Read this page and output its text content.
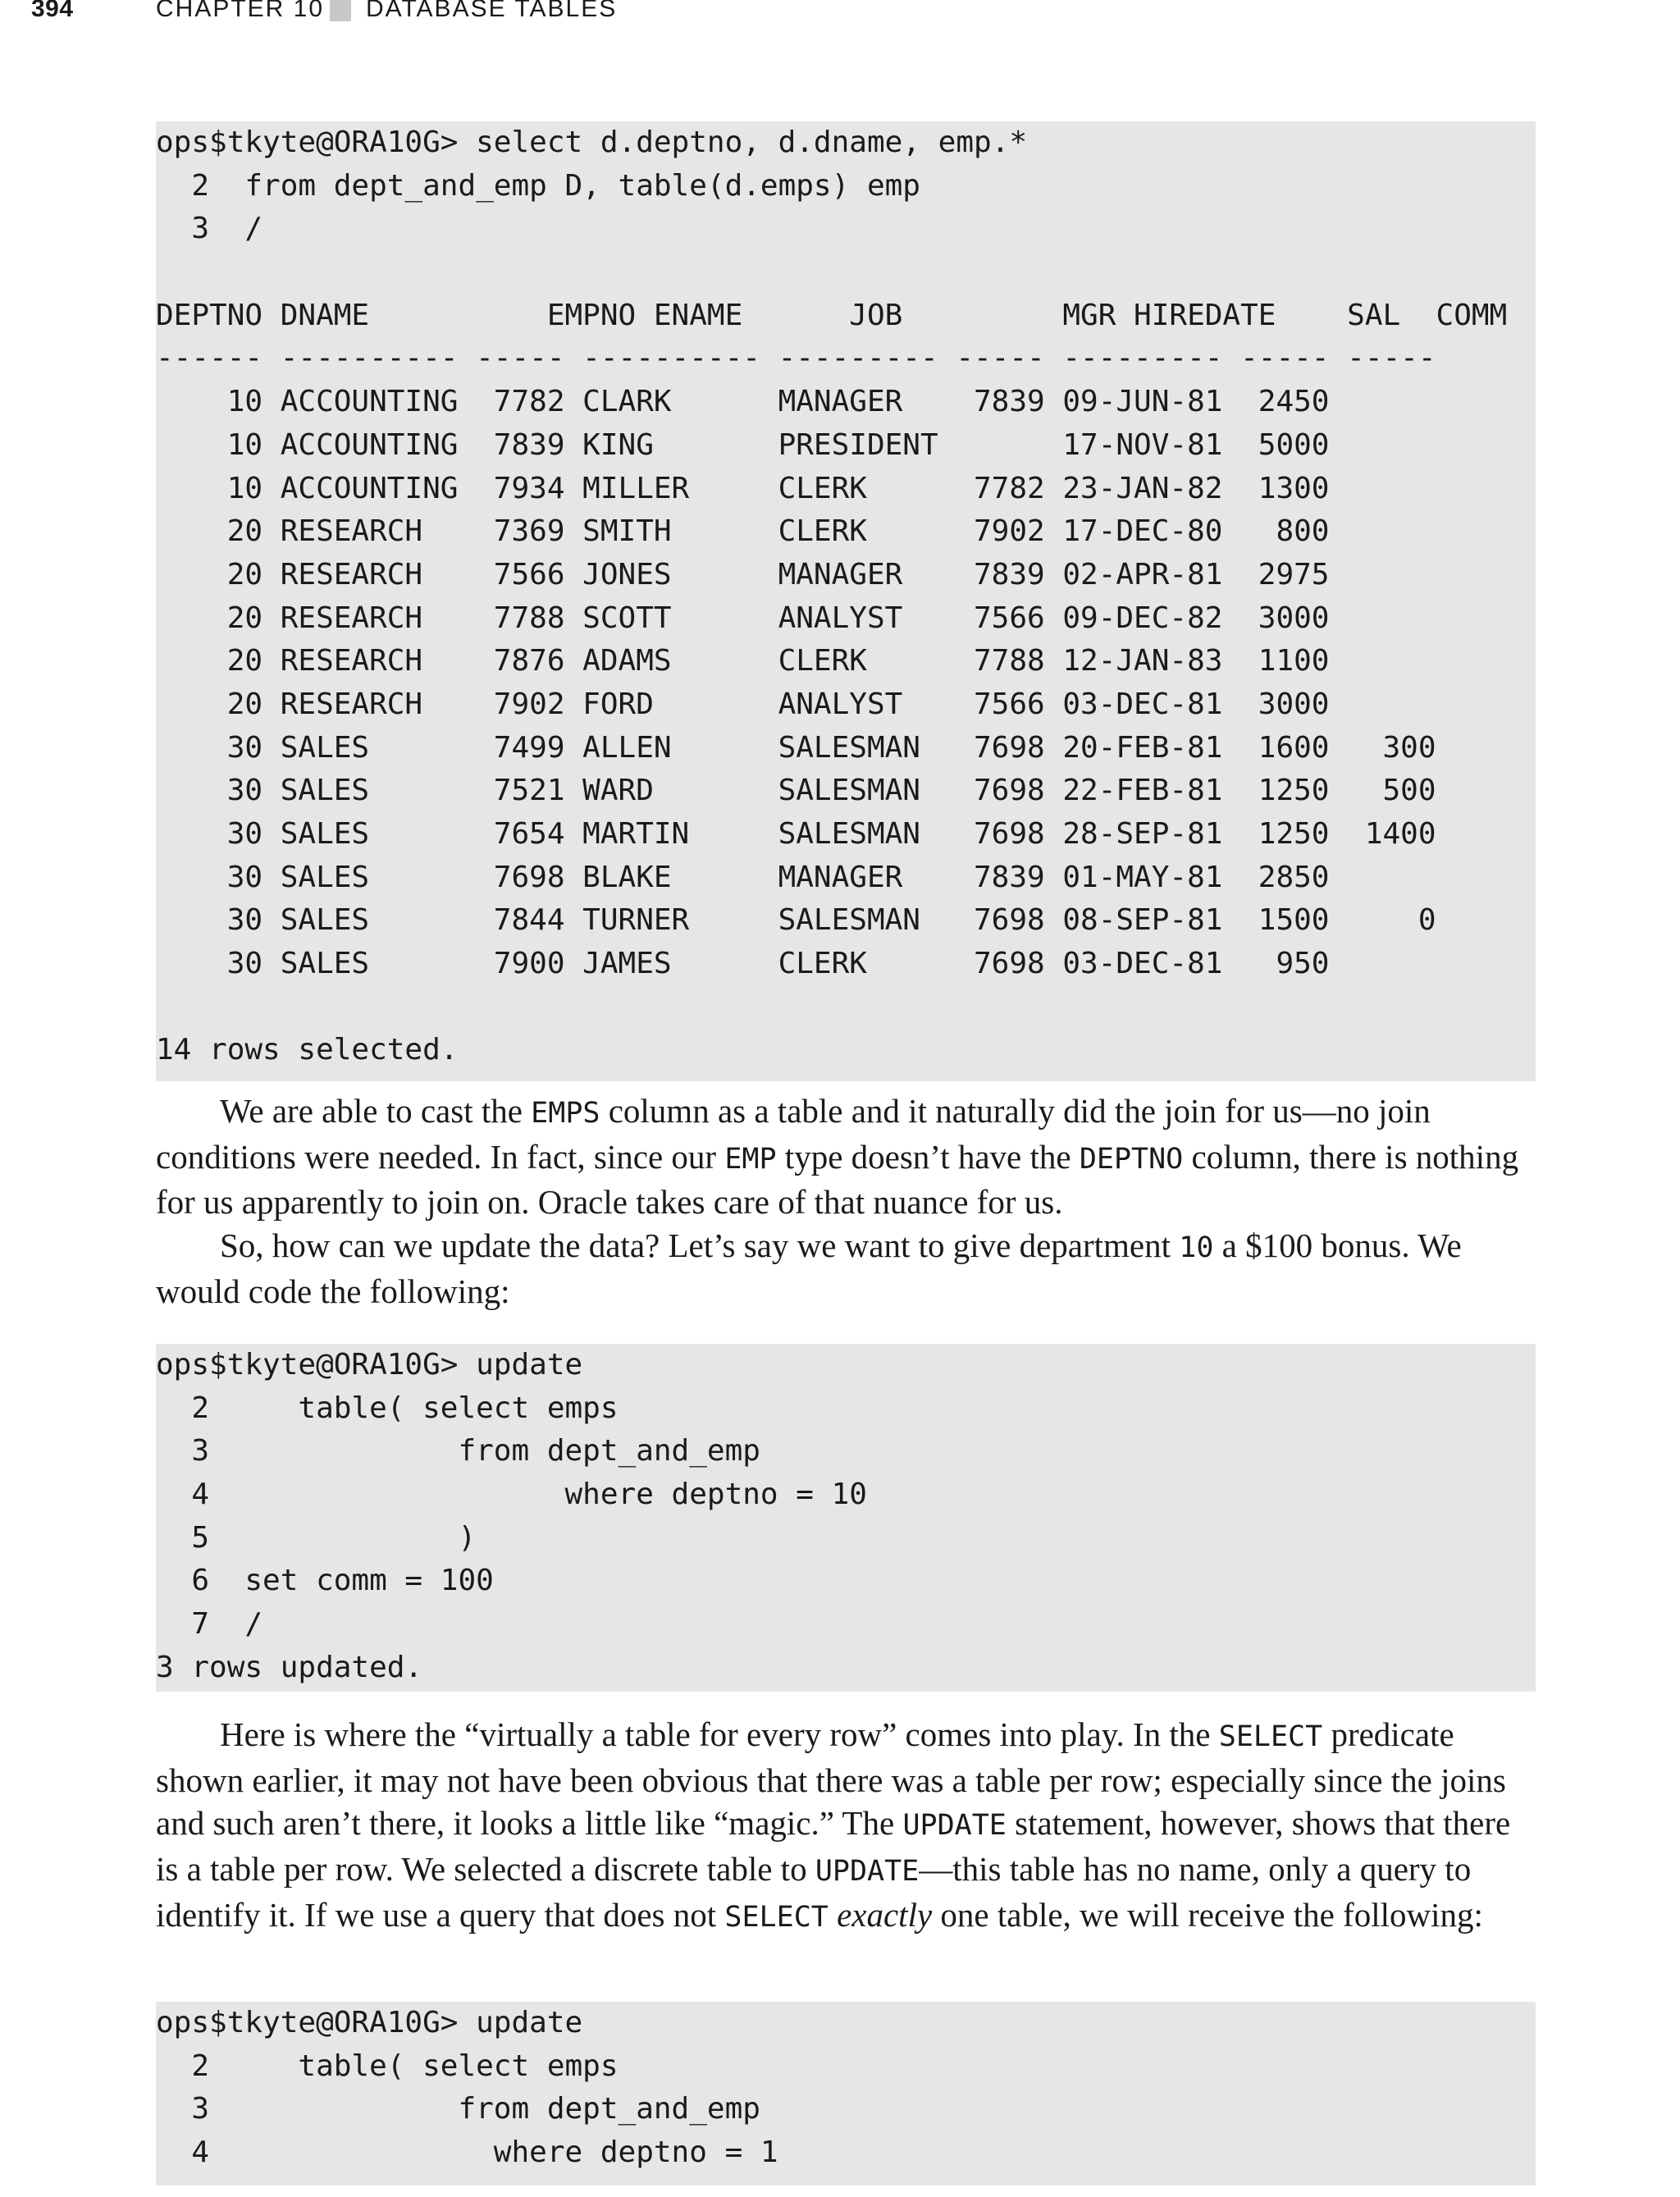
394	CHAPTER 10 DATABASE TABLES
ops$tkyte@ORA10G> select d.deptno, d.dname, emp.*
2  from dept_and_emp D, table(d.emps) emp
3  /

DEPTNO DNAME          EMPNO ENAME      JOB         MGR HIREDATE    SAL  COMM
------ ---------- ----- ---------- --------- ----- --------- ----- -----
10 ACCOUNTING  7782 CLARK      MANAGER    7839 09-JUN-81  2450
10 ACCOUNTING  7839 KING       PRESIDENT       17-NOV-81  5000
10 ACCOUNTING  7934 MILLER     CLERK      7782 23-JAN-82  1300
20 RESEARCH    7369 SMITH      CLERK      7902 17-DEC-80   800
20 RESEARCH    7566 JONES      MANAGER    7839 02-APR-81  2975
20 RESEARCH    7788 SCOTT      ANALYST    7566 09-DEC-82  3000
20 RESEARCH    7876 ADAMS      CLERK      7788 12-JAN-83  1100
20 RESEARCH    7902 FORD       ANALYST    7566 03-DEC-81  3000
30 SALES       7499 ALLEN      SALESMAN   7698 20-FEB-81  1600   300
30 SALES       7521 WARD       SALESMAN   7698 22-FEB-81  1250   500
30 SALES       7654 MARTIN     SALESMAN   7698 28-SEP-81  1250  1400
30 SALES       7698 BLAKE      MANAGER    7839 01-MAY-81  2850
30 SALES       7844 TURNER     SALESMAN   7698 08-SEP-81  1500     0
30 SALES       7900 JAMES      CLERK      7698 03-DEC-81   950

14 rows selected.

We are able to cast the EMPS column as a table and it naturally did the join for us—no join conditions were needed. In fact, since our EMP type doesn’t have the DEPTNO column, there is nothing for us apparently to join on. Oracle takes care of that nuance for us.

So, how can we update the data? Let’s say we want to give department 10 a $100 bonus. We would code the following:

ops$tkyte@ORA10G> update
2     table( select emps
3              from dept_and_emp
4                    where deptno = 10
5              )
6  set comm = 100
7  /
3 rows updated.

Here is where the “virtually a table for every row” comes into play. In the SELECT predicate shown earlier, it may not have been obvious that there was a table per row; especially since the joins and such aren’t there, it looks a little like “magic.” The UPDATE statement, however, shows that there is a table per row. We selected a discrete table to UPDATE—this table has no name, only a query to identify it. If we use a query that does not SELECT exactly one table, we will receive the following:

ops$tkyte@ORA10G> update
2     table( select emps
3              from dept_and_emp
4                where deptno = 1
